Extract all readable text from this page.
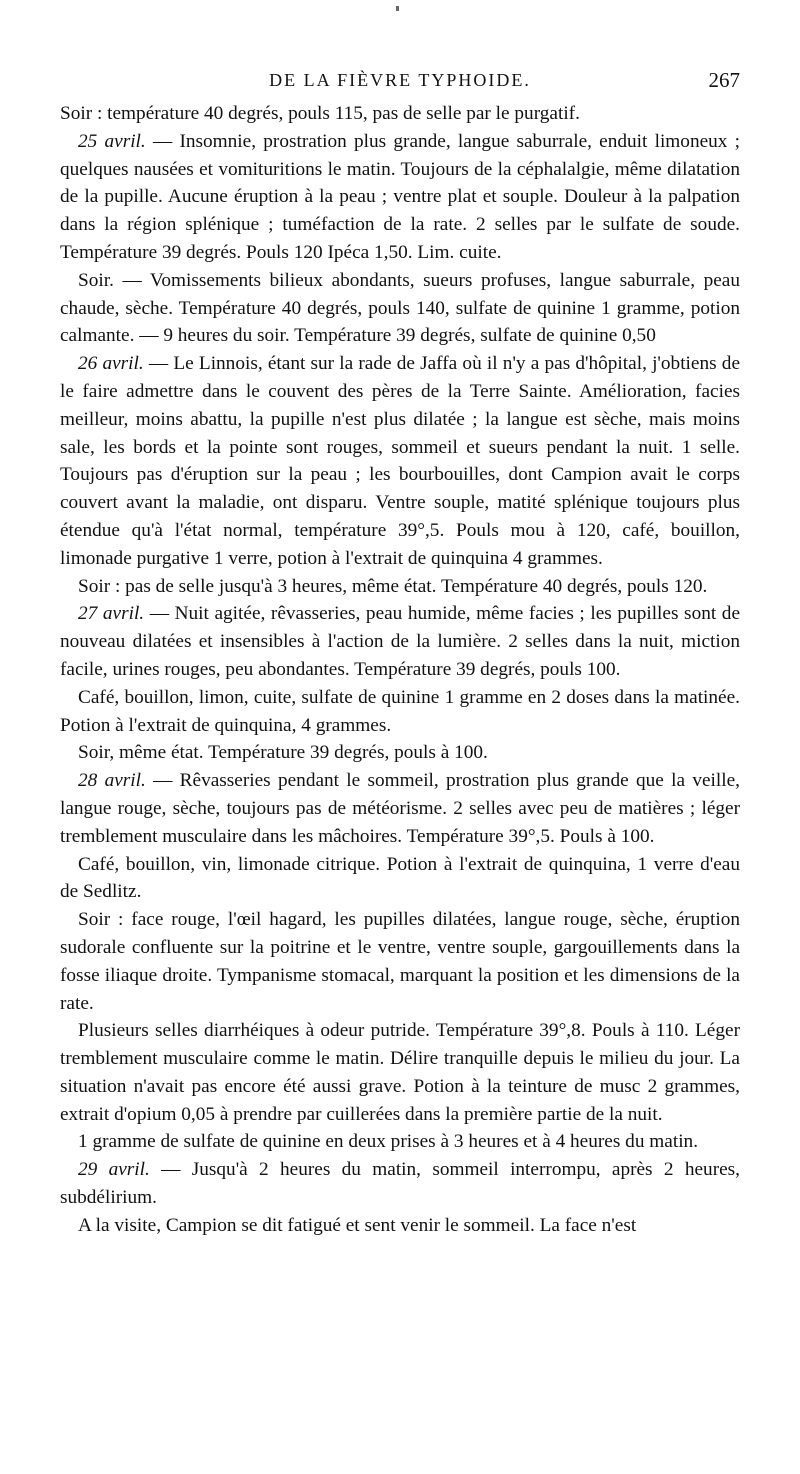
DE LA FIÈVRE TYPHOIDE.	267

Soir : température 40 degrés, pouls 115, pas de selle par le purgatif.

25 avril. — Insomnie, prostration plus grande, langue saburrale, enduit limoneux ; quelques nausées et vomituritions le matin. Toujours de la céphalalgie, même dilatation de la pupille. Aucune éruption à la peau ; ventre plat et souple. Douleur à la palpation dans la région splénique ; tuméfaction de la rate. 2 selles par le sulfate de soude. Température 39 degrés. Pouls 120 Ipéca 1,50. Lim. cuite.

Soir. — Vomissements bilieux abondants, sueurs profuses, langue saburrale, peau chaude, sèche. Température 40 degrés, pouls 140, sulfate de quinine 1 gramme, potion calmante. — 9 heures du soir. Température 39 degrés, sulfate de quinine 0,50

26 avril. — Le Linnois, étant sur la rade de Jaffa où il n'y a pas d'hôpital, j'obtiens de le faire admettre dans le couvent des pères de la Terre Sainte. Amélioration, facies meilleur, moins abattu, la pupille n'est plus dilatée ; la langue est sèche, mais moins sale, les bords et la pointe sont rouges, sommeil et sueurs pendant la nuit. 1 selle. Toujours pas d'éruption sur la peau ; les bourbouilles, dont Campion avait le corps couvert avant la maladie, ont disparu. Ventre souple, matité splénique toujours plus étendue qu'à l'état normal, température 39°,5. Pouls mou à 120, café, bouillon, limonade purgative 1 verre, potion à l'extrait de quinquina 4 grammes.

Soir : pas de selle jusqu'à 3 heures, même état. Température 40 degrés, pouls 120.

27 avril. — Nuit agitée, rêvasseries, peau humide, même facies ; les pupilles sont de nouveau dilatées et insensibles à l'action de la lumière. 2 selles dans la nuit, miction facile, urines rouges, peu abondantes. Température 39 degrés, pouls 100.

Café, bouillon, limon, cuite, sulfate de quinine 1 gramme en 2 doses dans la matinée. Potion à l'extrait de quinquina, 4 grammes.

Soir, même état. Température 39 degrés, pouls à 100.

28 avril. — Rêvasseries pendant le sommeil, prostration plus grande que la veille, langue rouge, sèche, toujours pas de météorisme. 2 selles avec peu de matières ; léger tremblement musculaire dans les mâchoires. Température 39°,5. Pouls à 100.

Café, bouillon, vin, limonade citrique. Potion à l'extrait de quinquina, 1 verre d'eau de Sedlitz.

Soir : face rouge, l'œil hagard, les pupilles dilatées, langue rouge, sèche, éruption sudorale confluente sur la poitrine et le ventre, ventre souple, gargouillements dans la fosse iliaque droite. Tympanisme stomacal, marquant la position et les dimensions de la rate.

Plusieurs selles diarrhéiques à odeur putride. Température 39°,8. Pouls à 110. Léger tremblement musculaire comme le matin. Délire tranquille depuis le milieu du jour. La situation n'avait pas encore été aussi grave. Potion à la teinture de musc 2 grammes, extrait d'opium 0,05 à prendre par cuillerées dans la première partie de la nuit.

1 gramme de sulfate de quinine en deux prises à 3 heures et à 4 heures du matin.

29 avril. — Jusqu'à 2 heures du matin, sommeil interrompu, après 2 heures, subdélirium.

A la visite, Campion se dit fatigué et sent venir le sommeil. La face n'est
